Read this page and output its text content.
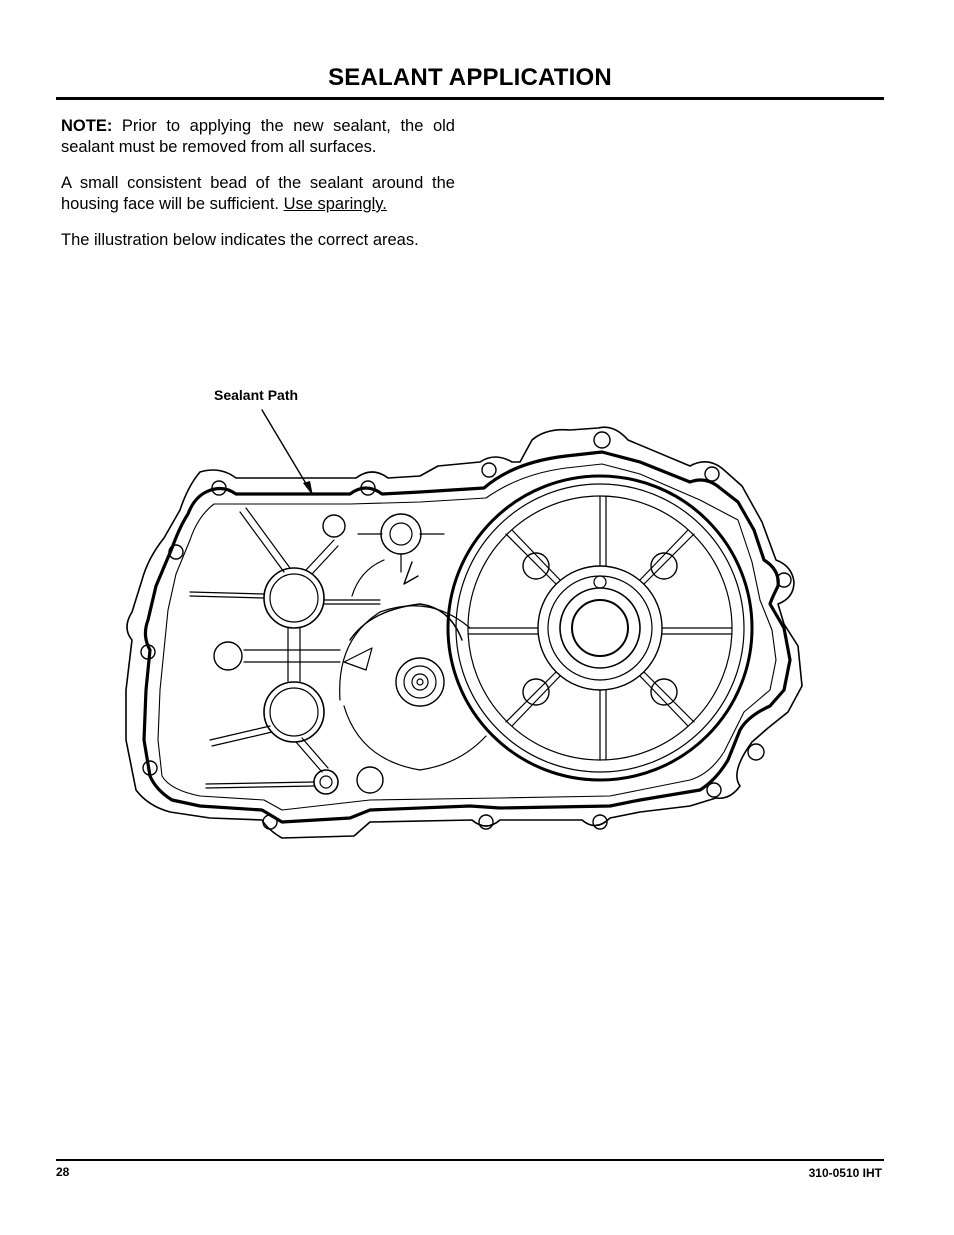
SEALANT APPLICATION

NOTE: Prior to applying the new sealant, the old sealant must be removed from all surfaces.

A small consistent bead of the sealant around the housing face will be sufficient. Use sparingly.

The illustration below indicates the correct areas.

Sealant Path
28	310-0510 IHT
